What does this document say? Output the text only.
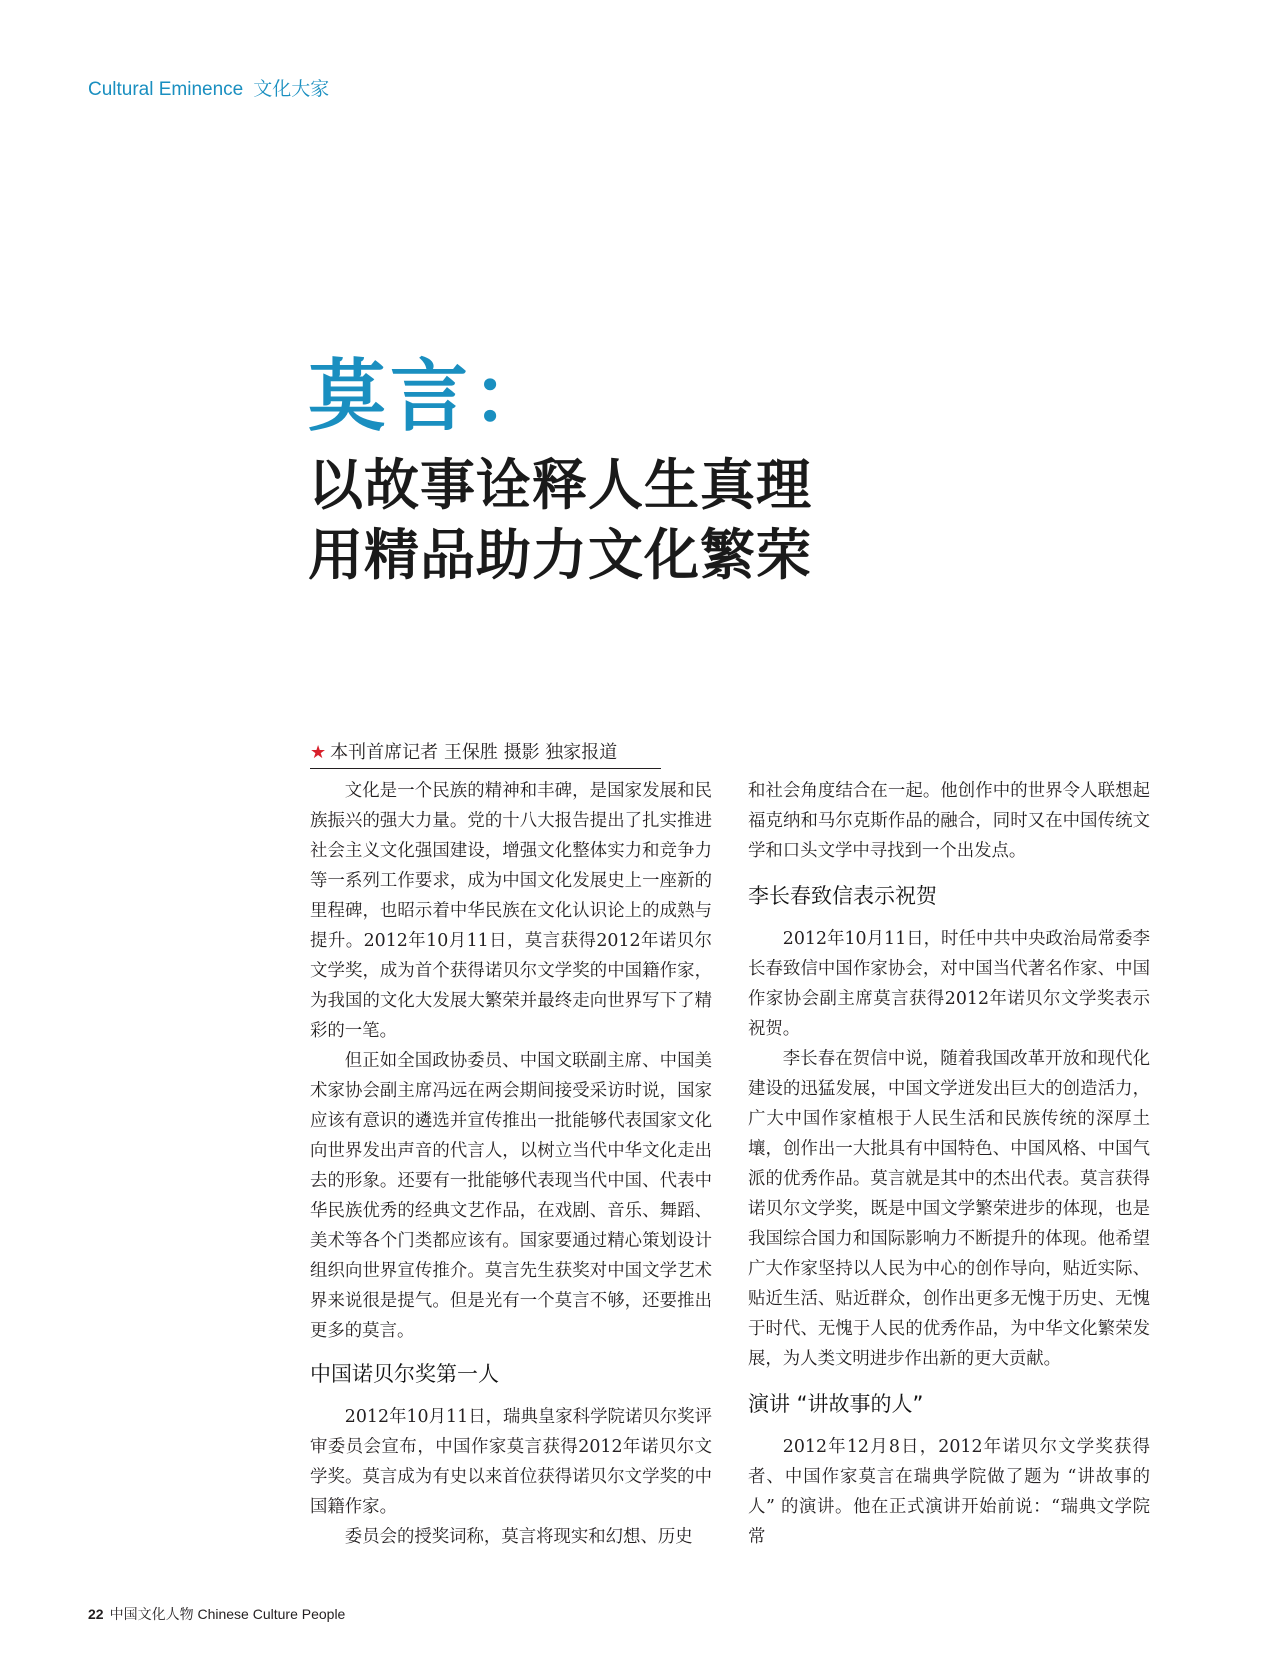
Cultural Eminence 文化大家
莫言：
以故事诠释人生真理
用精品助力文化繁荣
★ 本刊首席记者 王保胜 摄影 独家报道

文化是一个民族的精神和丰碑，是国家发展和民族振兴的强大力量。党的十八大报告提出了扎实推进社会主义文化强国建设，增强文化整体实力和竞争力等一系列工作要求，成为中国文化发展史上一座新的里程碑，也昭示着中华民族在文化认识论上的成熟与提升。2012年10月11日，莫言获得2012年诺贝尔文学奖，成为首个获得诺贝尔文学奖的中国籍作家，为我国的文化大发展大繁荣并最终走向世界写下了精彩的一笔。

但正如全国政协委员、中国文联副主席、中国美术家协会副主席冯远在两会期间接受采访时说，国家应该有意识的遴选并宣传推出一批能够代表国家文化向世界发出声音的代言人，以树立当代中华文化走出去的形象。还要有一批能够代表现当代中国、代表中华民族优秀的经典文艺作品，在戏剧、音乐、舞蹈、美术等各个门类都应该有。国家要通过精心策划设计组织向世界宣传推介。莫言先生获奖对中国文学艺术界来说很是提气。但是光有一个莫言不够，还要推出更多的莫言。

中国诺贝尔奖第一人

2012年10月11日，瑞典皇家科学院诺贝尔奖评审委员会宣布，中国作家莫言获得2012年诺贝尔文学奖。莫言成为有史以来首位获得诺贝尔文学奖的中国籍作家。

委员会的授奖词称，莫言将现实和幻想、历史

和社会角度结合在一起。他创作中的世界令人联想起福克纳和马尔克斯作品的融合，同时又在中国传统文学和口头文学中寻找到一个出发点。

李长春致信表示祝贺

2012年10月11日，时任中共中央政治局常委李长春致信中国作家协会，对中国当代著名作家、中国作家协会副主席莫言获得2012年诺贝尔文学奖表示祝贺。

李长春在贺信中说，随着我国改革开放和现代化建设的迅猛发展，中国文学迸发出巨大的创造活力，广大中国作家植根于人民生活和民族传统的深厚土壤，创作出一大批具有中国特色、中国风格、中国气派的优秀作品。莫言就是其中的杰出代表。莫言获得诺贝尔文学奖，既是中国文学繁荣进步的体现，也是我国综合国力和国际影响力不断提升的体现。他希望广大作家坚持以人民为中心的创作导向，贴近实际、贴近生活、贴近群众，创作出更多无愧于历史、无愧于时代、无愧于人民的优秀作品，为中华文化繁荣发展，为人类文明进步作出新的更大贡献。

演讲 “讲故事的人”

2012年12月8日，2012年诺贝尔文学奖获得者、中国作家莫言在瑞典学院做了题为 “讲故事的人” 的演讲。他在正式演讲开始前说：“瑞典文学院常

22 中国文化人物 Chinese Culture People
